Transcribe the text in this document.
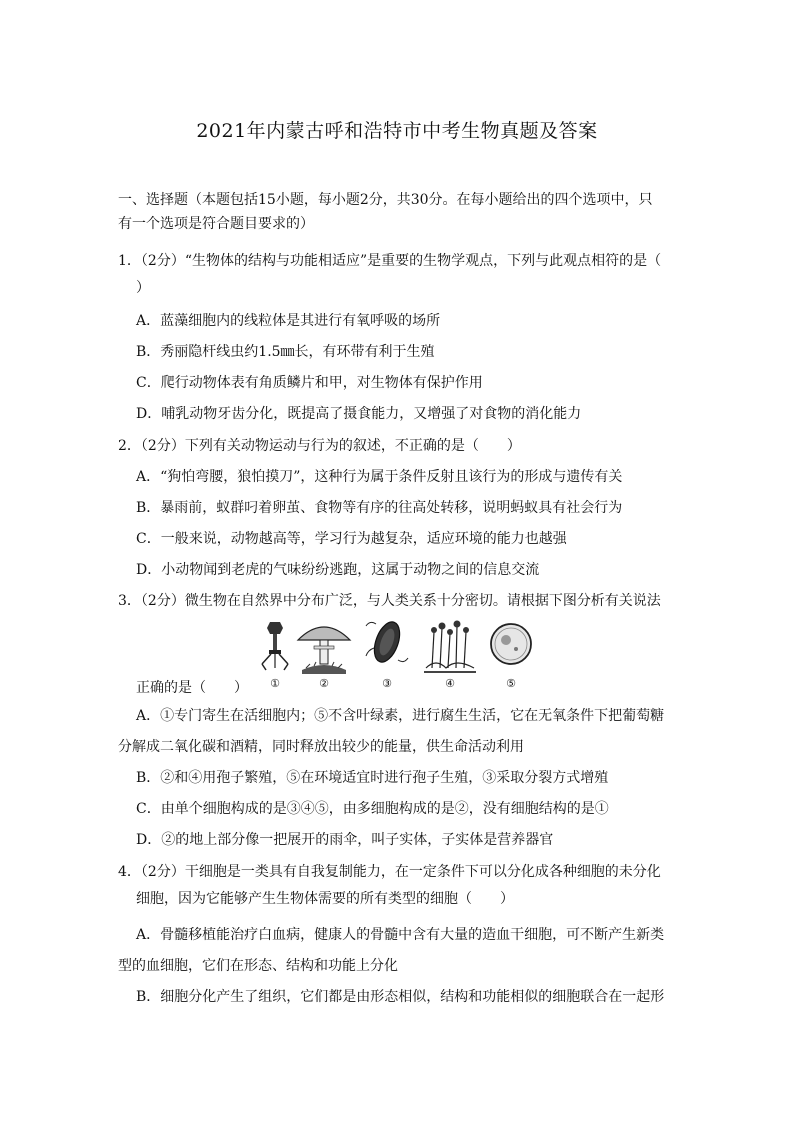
2021年内蒙古呼和浩特市中考生物真题及答案
一、选择题（本题包括15小题，每小题2分，共30分。在每小题给出的四个选项中，只
有一个选项是符合题目要求的）
1．（2分）“生物体的结构与功能相适应”是重要的生物学观点，下列与此观点相符的是（
）
A．蓝藻细胞内的线粒体是其进行有氧呼吸的场所
B．秀丽隐杆线虫约1.5㎜长，有环带有利于生殖
C．爬行动物体表有角质鳞片和甲，对生物体有保护作用
D．哺乳动物牙齿分化，既提高了摄食能力，又增强了对食物的消化能力
2．（2分）下列有关动物运动与行为的叙述，不正确的是（　　）
A．“狗怕弯腰，狼怕摸刀”，这种行为属于条件反射且该行为的形成与遗传有关
B．暴雨前，蚁群叼着卵茧、食物等有序的往高处转移，说明蚂蚁具有社会行为
C．一般来说，动物越高等，学习行为越复杂，适应环境的能力也越强
D．小动物闻到老虎的气味纷纷逃跑，这属于动物之间的信息交流
3．（2分）微生物在自然界中分布广泛，与人类关系十分密切。请根据下图分析有关说法
①	②	③	④	⑤
正确的是（　　）
A．①专门寄生在活细胞内；⑤不含叶绿素，进行腐生生活，它在无氧条件下把葡萄糖
分解成二氧化碳和酒精，同时释放出较少的能量，供生命活动利用
B．②和④用孢子繁殖，⑤在环境适宜时进行孢子生殖，③采取分裂方式增殖
C．由单个细胞构成的是③④⑤，由多细胞构成的是②，没有细胞结构的是①
D．②的地上部分像一把展开的雨伞，叫子实体，子实体是营养器官
4．（2分）干细胞是一类具有自我复制能力，在一定条件下可以分化成各种细胞的未分化
细胞，因为它能够产生生物体需要的所有类型的细胞（　　）
A．骨髓移植能治疗白血病，健康人的骨髓中含有大量的造血干细胞，可不断产生新类
型的血细胞，它们在形态、结构和功能上分化
B．细胞分化产生了组织，它们都是由形态相似，结构和功能相似的细胞联合在一起形
